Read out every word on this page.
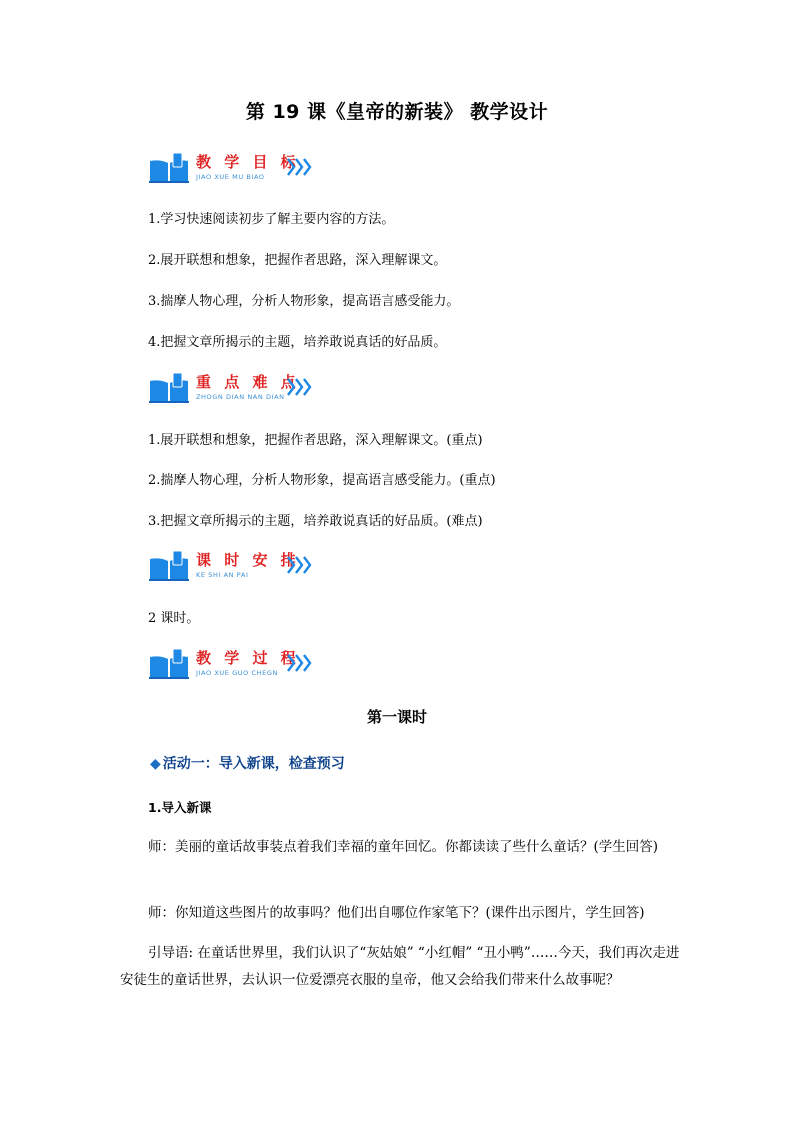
第 19 课《皇帝的新装》 教学设计
教 学 目 标
JIAO XUE MU BIAO
1.学习快速阅读初步了解主要内容的方法。
2.展开联想和想象，把握作者思路，深入理解课文。
3.揣摩人物心理，分析人物形象，提高语言感受能力。
4.把握文章所揭示的主题，培养敢说真话的好品质。
重 点 难 点
ZHOGN DIAN NAN DIAN
1.展开联想和想象，把握作者思路，深入理解课文。(重点)
2.揣摩人物心理，分析人物形象，提高语言感受能力。(重点)
3.把握文章所揭示的主题，培养敢说真话的好品质。(难点)
课 时 安 排
KE SHI AN PAI
2 课时。
教 学 过 程
JIAO XUE GUO CHEGN
第一课时
◆ 活动一：导入新课，检查预习
1.导入新课
师：美丽的童话故事装点着我们幸福的童年回忆。你都读读了些什么童话？(学生回答)
师：你知道这些图片的故事吗？他们出自哪位作家笔下？(课件出示图片，学生回答)
引导语: 在童话世界里，我们认识了“灰姑娘” “小红帽” “丑小鸭”……今天，我们再次走进安徒生的童话世界，去认识一位爱漂亮衣服的皇帝，他又会给我们带来什么故事呢？
